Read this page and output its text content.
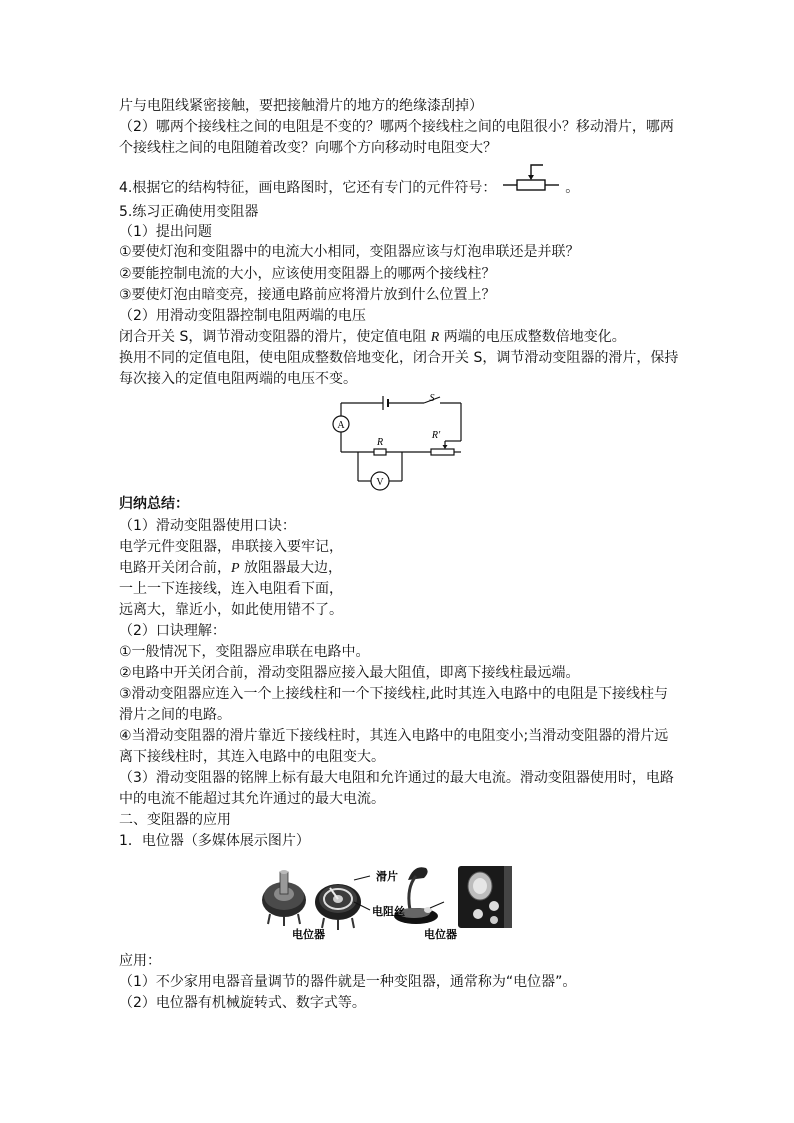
片与电阻线紧密接触，要把接触滑片的地方的绝缘漆刮掉）
（2）哪两个接线柱之间的电阻是不变的？哪两个接线柱之间的电阻很小？移动滑片，哪两
个接线柱之间的电阻随着改变？向哪个方向移动时电阻变大？
4.根据它的结构特征，画电路图时，它还有专门的元件符号：	。
5.练习正确使用变阻器
（1）提出问题
①要使灯泡和变阻器中的电流大小相同，变阻器应该与灯泡串联还是并联？
②要能控制电流的大小，应该使用变阻器上的哪两个接线柱？
③要使灯泡由暗变亮，接通电路前应将滑片放到什么位置上？
（2）用滑动变阻器控制电阻两端的电压
闭合开关 S，调节滑动变阻器的滑片，使定值电阻 R 两端的电压成整数倍地变化。
换用不同的定值电阻，使电阻成整数倍地变化，闭合开关 S，调节滑动变阻器的滑片，保持
每次接入的定值电阻两端的电压不变。
A
R
R′
S
V
归纳总结：
（1）滑动变阻器使用口诀：
电学元件变阻器，串联接入要牢记，
电路开关闭合前，P 放阻器最大边，
一上一下连接线，连入电阻看下面，
远离大，靠近小，如此使用错不了。
（2）口诀理解：
①一般情况下，变阻器应串联在电路中。
②电路中开关闭合前，滑动变阻器应接入最大阻值，即离下接线柱最远端。
③滑动变阻器应连入一个上接线柱和一个下接线柱,此时其连入电路中的电阻是下接线柱与
滑片之间的电路。
④当滑动变阻器的滑片靠近下接线柱时，其连入电路中的电阻变小;当滑动变阻器的滑片远
离下接线柱时，其连入电路中的电阻变大。
（3）滑动变阻器的铭牌上标有最大电阻和允许通过的最大电流。滑动变阻器使用时，电路
中的电流不能超过其允许通过的最大电流。
二、变阻器的应用
1．电位器（多媒体展示图片）
滑片
电阻丝
电位器	电位器
应用：
（1）不少家用电器音量调节的器件就是一种变阻器，通常称为“电位器”。
（2）电位器有机械旋转式、数字式等。
